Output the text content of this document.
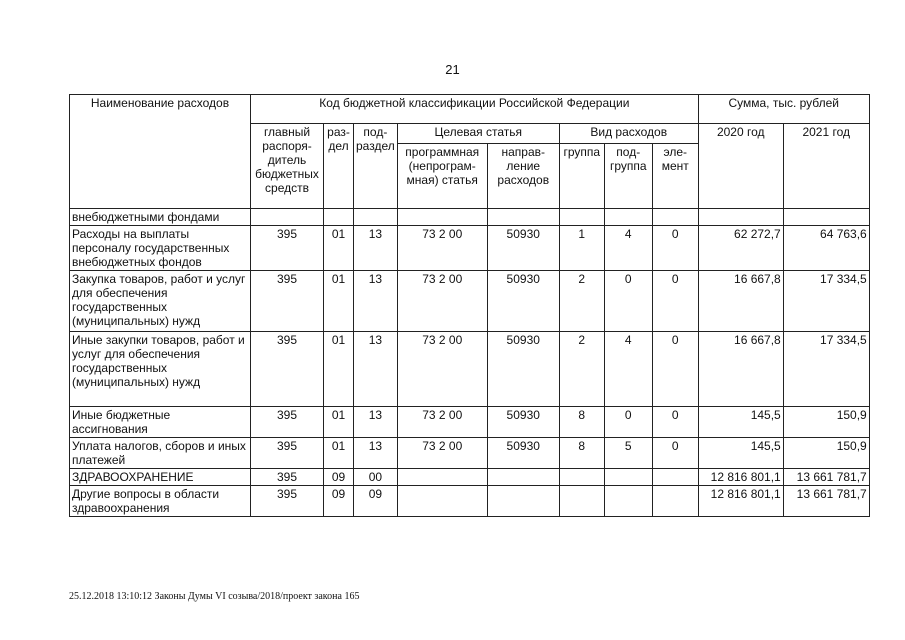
21
Наименование расходов	Код бюджетной классификации Российской Федерации								Сумма, тыс. рублей	
	главный распоря-дитель бюджетных средств	раз-дел	под-раздел	Целевая статья		Вид расходов			2020 год	2021 год
				программная (непрограм-мная) статья	направ-ление расходов	группа	под-группа	эле-мент		
внебюджетными фондами										
Расходы на выплаты персоналу государственных внебюджетных фондов	395	01	13	73 2 00	50930	1	4	0	62 272,7	64 763,6
Закупка товаров, работ и услуг для обеспечения государственных (муниципальных) нужд	395	01	13	73 2 00	50930	2	0	0	16 667,8	17 334,5
Иные закупки товаров, работ и услуг для обеспечения государственных (муниципальных) нужд	395	01	13	73 2 00	50930	2	4	0	16 667,8	17 334,5
Иные бюджетные ассигнования	395	01	13	73 2 00	50930	8	0	0	145,5	150,9
Уплата налогов, сборов и иных платежей	395	01	13	73 2 00	50930	8	5	0	145,5	150,9
ЗДРАВООХРАНЕНИЕ	395	09	00						12 816 801,1	13 661 781,7
Другие вопросы в области здравоохранения	395	09	09						12 816 801,1	13 661 781,7
25.12.2018 13:10:12 Законы Думы VI созыва/2018/проект закона 165
